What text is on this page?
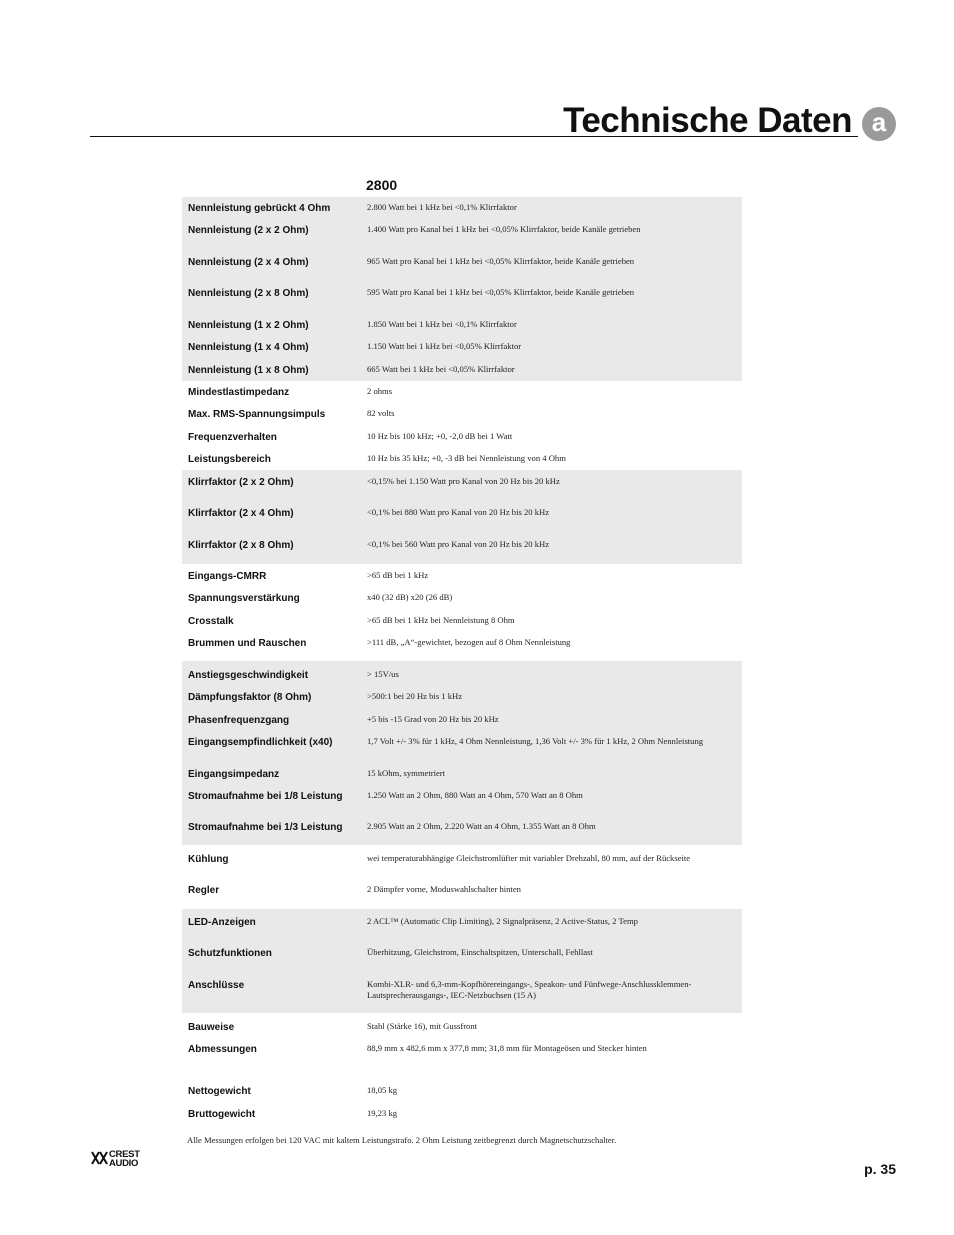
Technische Daten a
2800
Nennleistung gebrückt 4 Ohm	2.800 Watt bei 1 kHz bei <0,1% Klirrfaktor
Nennleistung (2 x 2 Ohm)	1.400 Watt pro Kanal bei 1 kHz bei <0,05% Klirrfaktor, beide Kanäle getrieben
Nennleistung (2 x 4 Ohm)	965 Watt pro Kanal bei 1 kHz bei <0,05% Klirrfaktor, beide Kanäle getrieben
Nennleistung (2 x 8 Ohm)	595 Watt pro Kanal bei 1 kHz bei <0,05% Klirrfaktor, beide Kanäle getrieben
Nennleistung (1 x 2 Ohm)	1.850 Watt bei 1 kHz bei <0,1% Klirrfaktor
Nennleistung (1 x 4 Ohm)	1.150 Watt bei 1 kHz bei <0,05% Klirrfaktor
Nennleistung (1 x 8 Ohm)	665 Watt bei 1 kHz bei <0,05% Klirrfaktor
Mindestlastimpedanz	2 ohms
Max. RMS-Spannungsimpuls	82 volts
Frequenzverhalten	10 Hz bis 100 kHz; +0, -2,0 dB bei 1 Watt
Leistungsbereich	10 Hz bis 35 kHz; +0, -3 dB bei Nennleistung von 4 Ohm
Klirrfaktor (2 x 2 Ohm)	<0,15% bei 1.150 Watt pro Kanal von 20 Hz bis 20 kHz
Klirrfaktor (2 x 4 Ohm)	<0,1% bei 880 Watt pro Kanal von 20 Hz bis 20 kHz
Klirrfaktor (2 x 8 Ohm)	<0,1% bei 560 Watt pro Kanal von 20 Hz bis 20 kHz
Eingangs-CMRR	>65 dB bei 1 kHz
Spannungsverstärkung	x40 (32 dB) x20 (26 dB)
Crosstalk	>65 dB bei 1 kHz bei Nennleistung 8 Ohm
Brummen und Rauschen	>111 dB, „A“-gewichtet, bezogen auf 8 Ohm Nennleistung
Anstiegsgeschwindigkeit	> 15V/us
Dämpfungsfaktor (8 Ohm)	>500:1 bei 20 Hz bis 1 kHz
Phasenfrequenzgang	+5 bis -15 Grad von 20 Hz bis 20 kHz
Eingangsempfindlichkeit (x40)	1,7 Volt +/- 3% für 1 kHz, 4 Ohm Nennleistung, 1,36 Volt +/- 3% für 1 kHz, 2 Ohm Nennleistung
Eingangsimpedanz	15 kOhm, symmetriert
Stromaufnahme bei 1/8 Leistung	1.250 Watt an 2 Ohm, 880 Watt an 4 Ohm, 570 Watt an 8 Ohm
Stromaufnahme bei 1/3 Leistung	2.905 Watt an 2 Ohm, 2.220 Watt an 4 Ohm, 1.355 Watt an 8 Ohm
Kühlung	wei temperaturabhängige Gleichstromlüfter mit variabler Drehzahl, 80 mm, auf der Rückseite
Regler	2 Dämpfer vorne, Moduswahlschalter hinten
LED-Anzeigen	2 ACL™ (Automatic Clip Limiting), 2 Signalpräsenz, 2 Active-Status, 2 Temp
Schutzfunktionen	Überhitzung, Gleichstrom, Einschaltspitzen, Unterschall, Fehllast
Anschlüsse	Kombi-XLR- und 6,3-mm-Kopfhörereingangs-, Speakon- und Fünfwege-Anschlussklemmen-Lautsprecherausgangs-, IEC-Netzbuchsen (15 A)
Bauweise	Stahl (Stärke 16), mit Gussfront
Abmessungen	88,9 mm x 482,6 mm x 377,8 mm; 31,8 mm für Montageösen und Stecker hinten
Nettogewicht	18,05 kg
Bruttogewicht	19,23 kg
Alle Messungen erfolgen bei 120 VAC mit kaltem Leistungstrafo. 2 Ohm Leistung zeitbegrenzt durch Magnetschutzschalter.
CREST
AUDIO	p. 35
